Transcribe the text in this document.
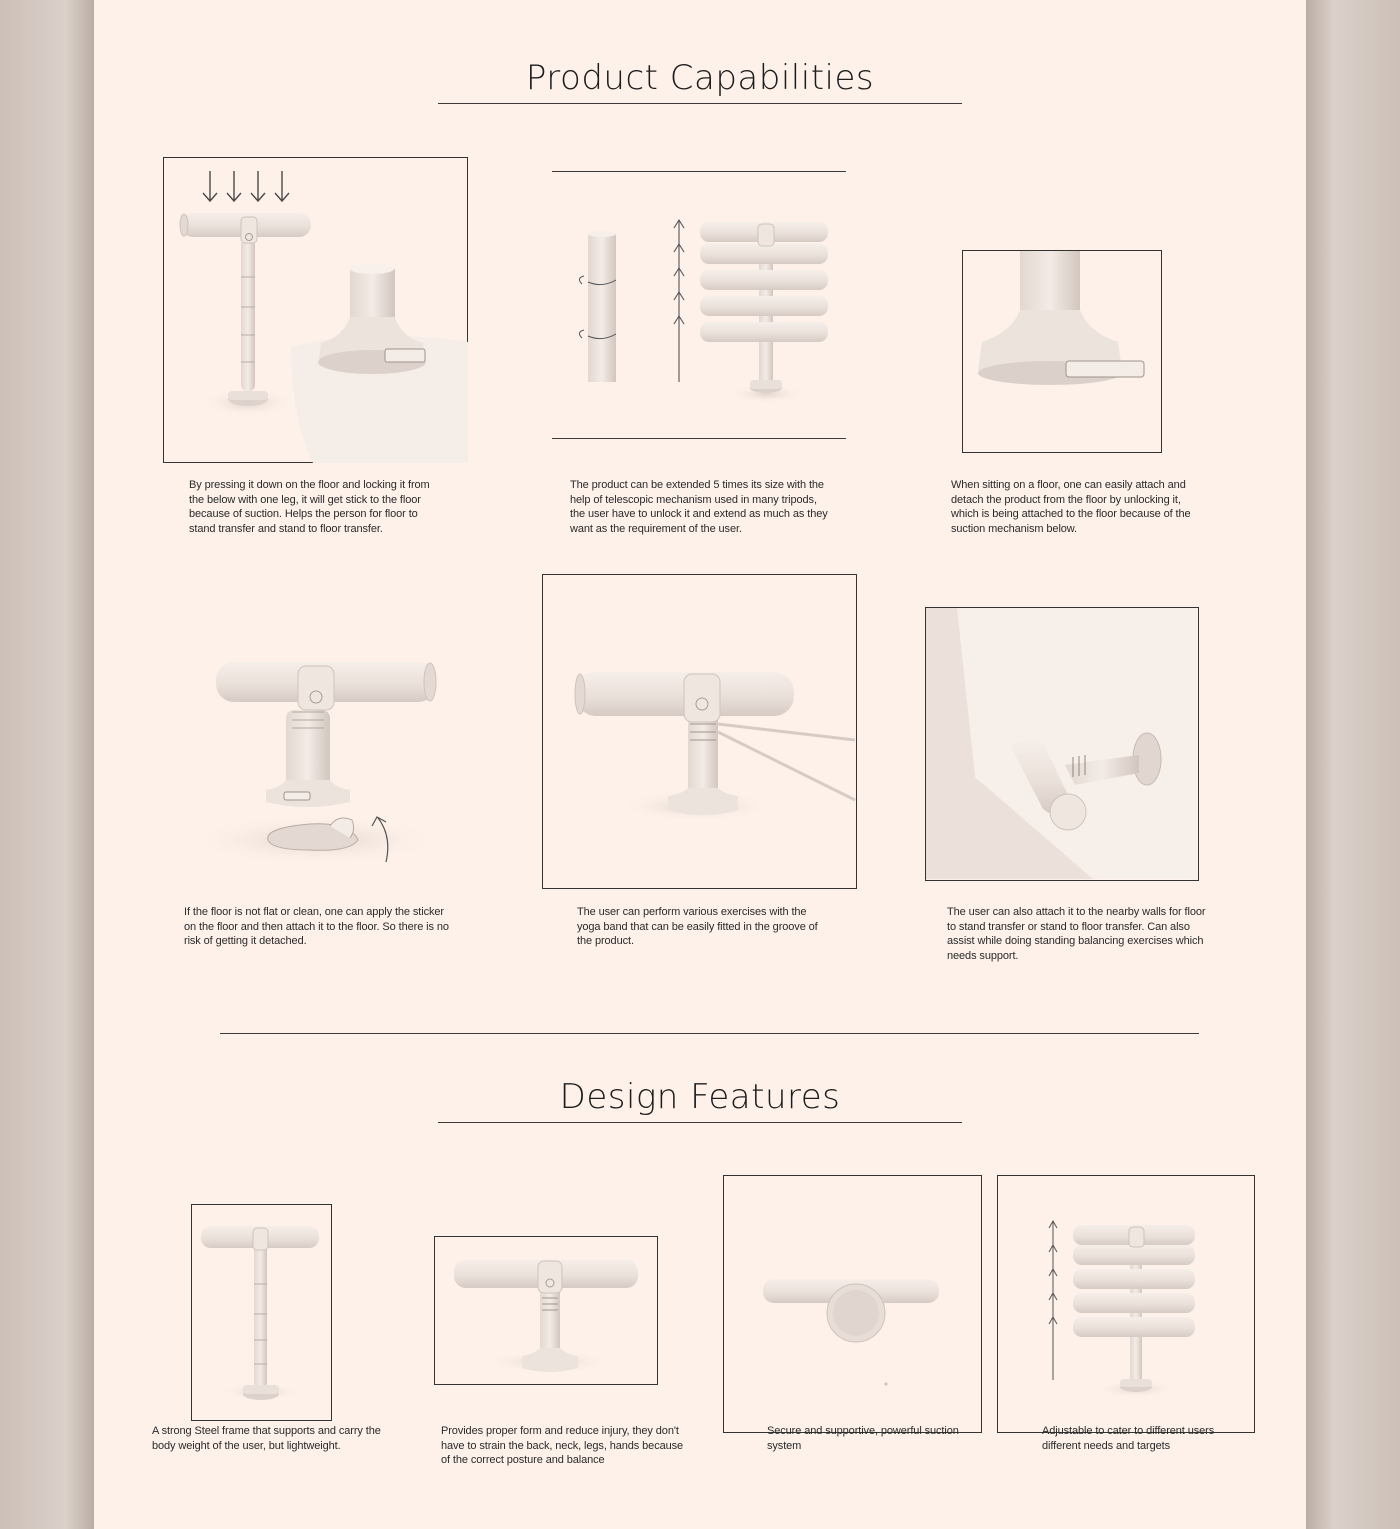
Product Capabilities
By pressing it down on the floor and locking it from the below with one leg, it will get stick to the floor because of suction. Helps the person for floor to stand transfer and stand to floor transfer.
The product can be extended 5 times its size with the help of telescopic mechanism used in many tripods, the user have to unlock it and extend as much as they want as the requirement of the user.
When sitting on a floor, one can easily attach and detach the product from the floor by unlocking it, which is being attached to the floor because of the suction mechanism below.
If the floor is not flat or clean, one can apply the sticker on the floor and then attach it to the floor. So there is no risk of getting it detached.
The user can perform various exercises with the yoga band that can be easily fitted in the groove of the product.
The user can also attach it to the nearby walls for floor to stand transfer or stand to floor transfer. Can also assist while doing standing balancing exercises which needs support.
Design Features
A strong Steel frame that supports and carry the body weight of the user, but lightweight.
Provides proper form and reduce injury, they don't have to strain the back, neck, legs, hands because of the correct posture and balance
Secure and supportive, powerful suction system
Adjustable to cater to different users different needs and targets
